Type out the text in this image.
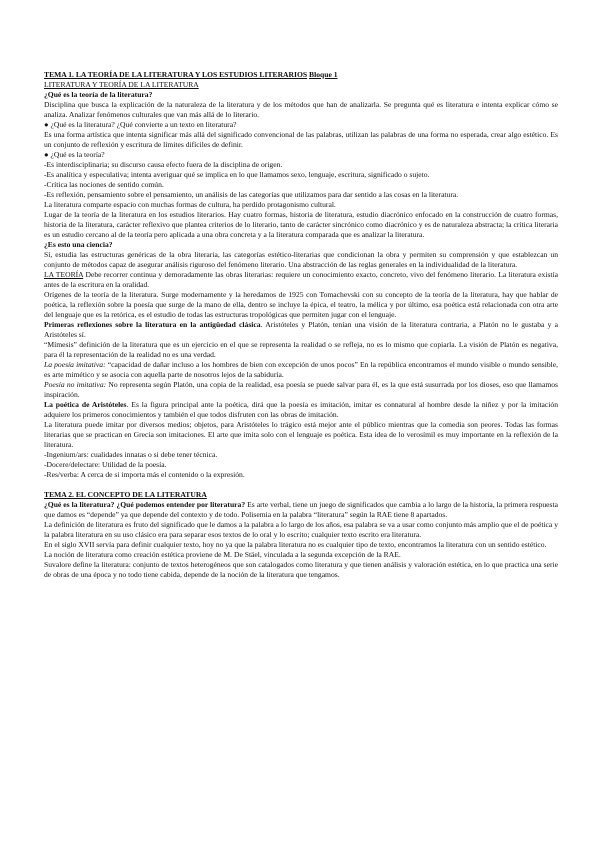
TEMA 1. LA TEORÍA DE LA LITERATURA Y LOS ESTUDIOS LITERARIOS Bloque 1

LITERATURA Y TEORÍA DE LA LITERATURA

¿Qué es la teoría de la literatura?

Disciplina que busca la explicación de la naturaleza de la literatura y de los métodos que han de analizarla. Se pregunta qué es literatura e intenta explicar cómo se analiza. Analizar fenómenos culturales que van más allá de lo literario.

● ¿Qué es la literatura? ¿Qué convierte a un texto en literatura?

Es una forma artística que intenta significar más allá del significado convencional de las palabras, utilizan las palabras de una forma no esperada, crear algo estético. Es un conjunto de reflexión y escritura de límites difíciles de definir.

● ¿Qué es la teoría?

-Es interdisciplinaria; su discurso causa efecto fuera de la disciplina de origen.

-Es analítica y especulativa; intenta averiguar qué se implica en lo que llamamos sexo, lenguaje, escritura, significado o sujeto.

-Crítica las nociones de sentido común.

-Es reflexión, pensamiento sobre el pensamiento, un análisis de las categorías que utilizamos para dar sentido a las cosas en la literatura.

La literatura comparte espacio con muchas formas de cultura, ha perdido protagonismo cultural.

Lugar de la teoría de la literatura en los estudios literarios. Hay cuatro formas, historia de literatura, estudio diacrónico enfocado en la construcción de cuatro formas, historia de la literatura, carácter reflexivo que plantea criterios de lo literario, tanto de carácter sincrónico como diacrónico y es de naturaleza abstracta; la crítica literaria es un estudio cercano al de la teoría pero aplicada a una obra concreta y a la literatura comparada que es analizar la literatura.

¿Es esto una ciencia?

Sí, estudia las estructuras genéricas de la obra literaria, las categorías estético-literarias que condicionan la obra y permiten su comprensión y que establezcan un conjunto de métodos capaz de asegurar análisis riguroso del fenómeno literario. Una abstracción de las reglas generales en la individualidad de la literatura.

LA TEORÍA Debe recorrer continua y demoradamente las obras literarias: requiere un conocimiento exacto, concreto, vivo del fenómeno literario. La literatura existía antes de la escritura en la oralidad.

Orígenes de la teoría de la literatura. Surge modernamente y la heredamos de 1925 con Tomachevski con su concepto de la teoría de la literatura, hay que hablar de poética, la reflexión sobre la poesía que surge de la mano de ella, dentro se incluye la épica, el teatro, la mélica y por último, esa poética está relacionada con otra arte del lenguaje que es la retórica, es el estudio de todas las estructuras tropológicas que permiten jugar con el lenguaje.

Primeras reflexiones sobre la literatura en la antigüedad clásica. Aristóteles y Platón, tenían una visión de la literatura contraria, a Platón no le gustaba y a Aristóteles sí.

“Mímesis” definición de la literatura que es un ejercicio en el que se representa la realidad o se refleja, no es lo mismo que copiarla. La visión de Platón es negativa, para él la representación de la realidad no es una verdad.

La poesía imitativa: “capacidad de dañar incluso a los hombres de bien con excepción de unos pocos” En la república encontramos el mundo visible o mundo sensible, es arte mimético y se asocia con aquella parte de nosotros lejos de la sabiduría.

Poesía no imitativa: No representa según Platón, una copia de la realidad, esa poesía se puede salvar para él, es la que está susurrada por los dioses, eso que llamamos inspiración.

La poética de Aristóteles. Es la figura principal ante la poética, dirá que la poesía es imitación, imitar es connatural al hombre desde la niñez y por la imitación adquiere los primeros conocimientos y también el que todos disfruten con las obras de imitación.

La literatura puede imitar por diversos medios; objetos, para Aristóteles lo trágico está mejor ante el público mientras que la comedia son peores. Todas las formas literarias que se practican en Grecia son imitaciones. El arte que imita solo con el lenguaje es poética. Esta idea de lo verosímil es muy importante en la reflexión de la literatura.

-Ingenium/ars: cualidades innatas o si debe tener técnica.

-Docere/delectare: Utilidad de la poesía.

-Res/verba: A cerca de si importa más el contenido o la expresión.

TEMA 2. EL CONCEPTO DE LA LITERATURA

¿Qué es la literatura? ¿Qué podemos entender por literatura? Es arte verbal, tiene un juego de significados que cambia a lo largo de la historia, la primera respuesta que damos es “depende” ya que depende del contexto y de todo. Polisemia en la palabra “literatura” según la RAE tiene 8 apartados.

La definición de literatura es fruto del significado que le damos a la palabra a lo largo de los años, esa palabra se va a usar como conjunto más amplio que el de poética y la palabra literatura en su uso clásico era para separar esos textos de lo oral y lo escrito; cualquier texto escrito era literatura.

En el siglo XVII servía para definir cualquier texto, hoy no ya que la palabra literatura no es cualquier tipo de texto, encontramos la literatura con un sentido estético.

La noción de literatura como creación estética proviene de M. De Stäel, vinculada a la segunda excepción de la RAE.

Suvalore define la literatura: conjunto de textos heterogéneos que son catalogados como literatura y que tienen análisis y valoración estética, en lo que practica una serie de obras de una época y no todo tiene cabida, depende de la noción de la literatura que tengamos.
